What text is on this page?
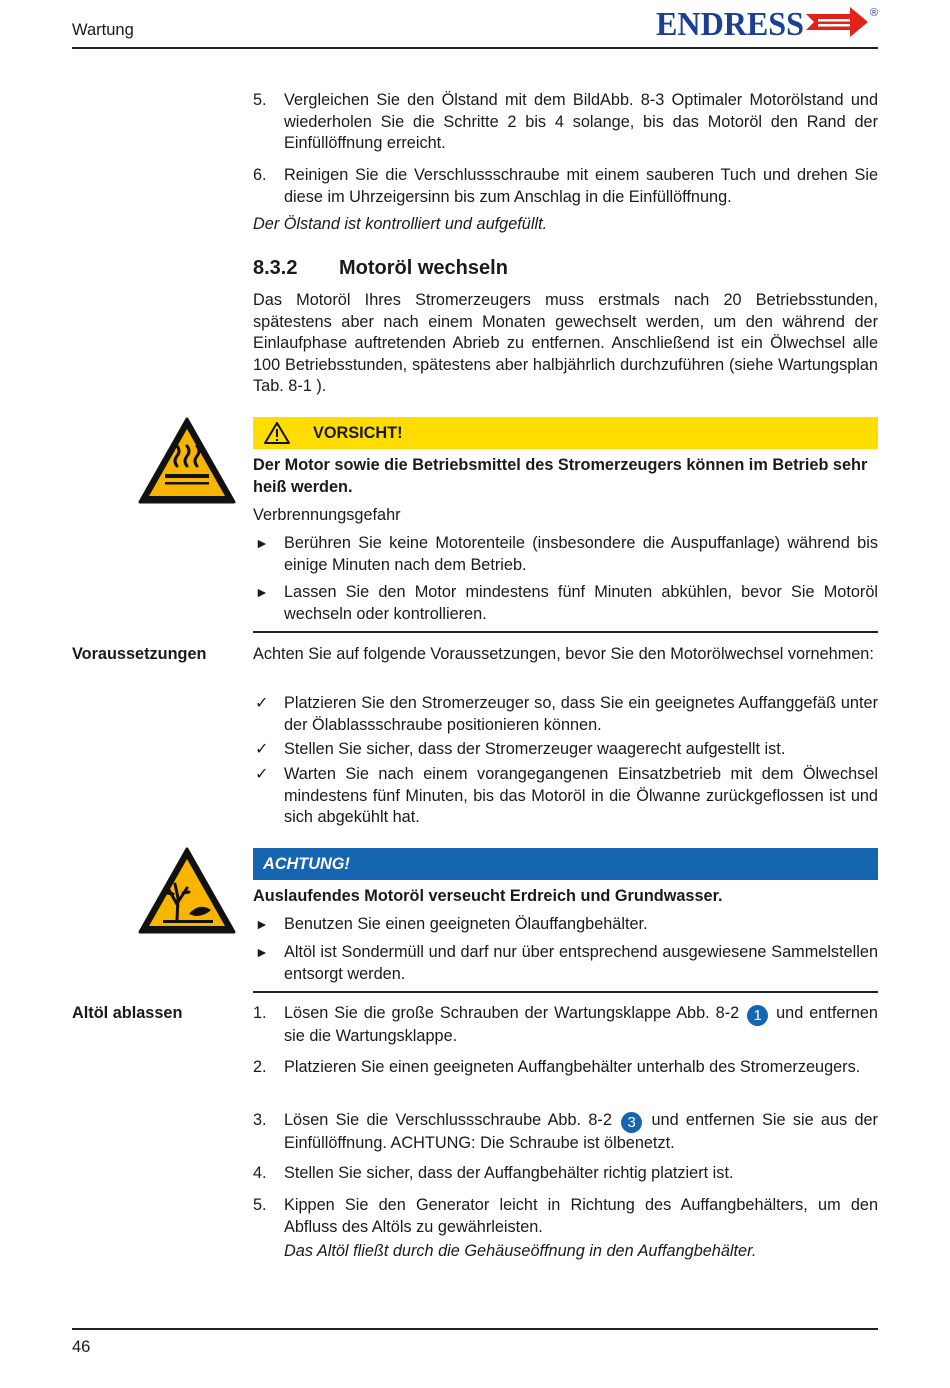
Wartung	ENDRESS	®
5. Vergleichen Sie den Ölstand mit dem BildAbb. 8-3 Optimaler Motorölstand und wiederholen Sie die Schritte 2 bis 4 solange, bis das Motoröl den Rand der Einfüllöffnung erreicht.
6. Reinigen Sie die Verschlussschraube mit einem sauberen Tuch und drehen Sie diese im Uhrzeigersinn bis zum Anschlag in die Einfüllöffnung.
Der Ölstand ist kontrolliert und aufgefüllt.
8.3.2 Motoröl wechseln
Das Motoröl Ihres Stromerzeugers muss erstmals nach 20 Betriebsstunden, spätestens aber nach einem Monaten gewechselt werden, um den während der Einlaufphase auftretenden Abrieb zu entfernen. Anschließend ist ein Ölwechsel alle 100 Betriebsstunden, spätestens aber halbjährlich durchzuführen (siehe Wartungsplan Tab. 8-1 ).
VORSICHT!
Der Motor sowie die Betriebsmittel des Stromerzeugers können im Betrieb sehr heiß werden.
Verbrennungsgefahr
► Berühren Sie keine Motorenteile (insbesondere die Auspuffanlage) während bis einige Minuten nach dem Betrieb.
► Lassen Sie den Motor mindestens fünf Minuten abkühlen, bevor Sie Motoröl wechseln oder kontrollieren.
Voraussetzungen	Achten Sie auf folgende Voraussetzungen, bevor Sie den Motorölwechsel vornehmen:
✓ Platzieren Sie den Stromerzeuger so, dass Sie ein geeignetes Auffanggefäß unter der Ölablassschraube positionieren können.
✓ Stellen Sie sicher, dass der Stromerzeuger waagerecht aufgestellt ist.
✓ Warten Sie nach einem vorangegangenen Einsatzbetrieb mit dem Ölwechsel mindestens fünf Minuten, bis das Motoröl in die Ölwanne zurückgeflossen ist und sich abgekühlt hat.
ACHTUNG!
Auslaufendes Motoröl verseucht Erdreich und Grundwasser.
► Benutzen Sie einen geeigneten Ölauffangbehälter.
► Altöl ist Sondermüll und darf nur über entsprechend ausgewiesene Sammelstellen entsorgt werden.
Altöl ablassen	1. Lösen Sie die große Schrauben der Wartungsklappe Abb. 8-2 1 und entfernen sie die Wartungsklappe.
2. Platzieren Sie einen geeigneten Auffangbehälter unterhalb des Stromerzeugers.
3. Lösen Sie die Verschlussschraube Abb. 8-2 3 und entfernen Sie sie aus der Einfüllöffnung. ACHTUNG: Die Schraube ist ölbenetzt.
4. Stellen Sie sicher, dass der Auffangbehälter richtig platziert ist.
5. Kippen Sie den Generator leicht in Richtung des Auffangbehälters, um den Abfluss des Altöls zu gewährleisten.
Das Altöl fließt durch die Gehäuseöffnung in den Auffangbehälter.
46
